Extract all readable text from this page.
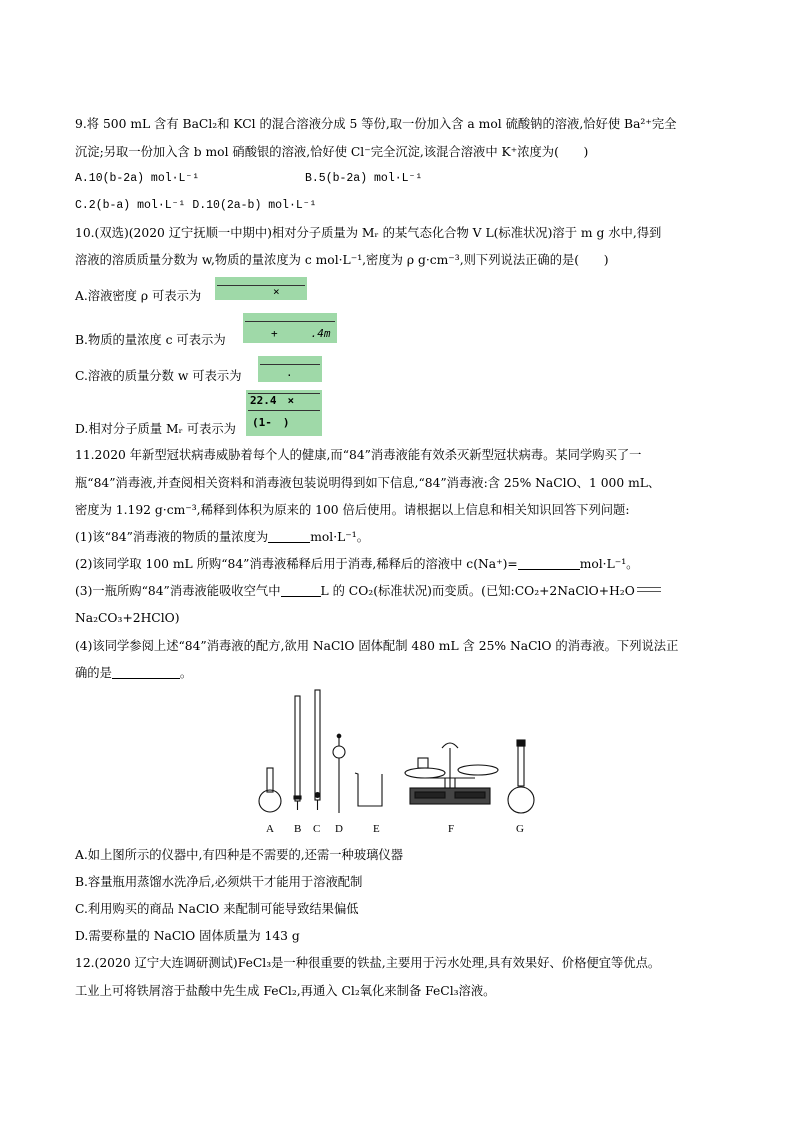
9.将 500 mL 含有 BaCl₂和 KCl 的混合溶液分成 5 等份,取一份加入含 a mol 硫酸钠的溶液,恰好使 Ba²⁺完全
沉淀;另取一份加入含 b mol 硝酸银的溶液,恰好使 Cl⁻完全沉淀,该混合溶液中 K⁺浓度为(　　)
A.10(b-2a) mol·L⁻¹	B.5(b-2a) mol·L⁻¹
C.2(b-a) mol·L⁻¹ D.10(2a-b) mol·L⁻¹
10.(双选)(2020 辽宁抚顺一中期中)相对分子质量为 Mᵣ 的某气态化合物 V L(标准状况)溶于 m g 水中,得到
溶液的溶质质量分数为 w,物质的量浓度为 c mol·L⁻¹,密度为 ρ g·cm⁻³,则下列说法正确的是(　　)
A.溶液密度 ρ 可表示为	×
B.物质的量浓度 c 可表示为	+　　　.4m
C.溶液的质量分数 w 可表示为	.
D.相对分子质量 Mᵣ 可表示为
22.4　×
(1-　)
11.2020 年新型冠状病毒威胁着每个人的健康,而“84”消毒液能有效杀灭新型冠状病毒。某同学购买了一
瓶“84”消毒液,并查阅相关资料和消毒液包装说明得到如下信息,“84”消毒液:含 25% NaClO、1 000 mL、
密度为 1.192 g·cm⁻³,稀释到体积为原来的 100 倍后使用。请根据以上信息和相关知识回答下列问题:
(1)该“84”消毒液的物质的量浓度为	mol·L⁻¹。
(2)该同学取 100 mL 所购“84”消毒液稀释后用于消毒,稀释后的溶液中 c(Na⁺)=	mol·L⁻¹。
(3)一瓶所购“84”消毒液能吸收空气中	L 的 CO₂(标准状况)而变质。(已知:CO₂+2NaClO+H₂O
Na₂CO₃+2HClO)
(4)该同学参阅上述“84”消毒液的配方,欲用 NaClO 固体配制 480 mL 含 25% NaClO 的消毒液。下列说法正
确的是	。
A B C D	E	F	G
A.如上图所示的仪器中,有四种是不需要的,还需一种玻璃仪器
B.容量瓶用蒸馏水洗净后,必须烘干才能用于溶液配制
C.利用购买的商品 NaClO 来配制可能导致结果偏低
D.需要称量的 NaClO 固体质量为 143 g
12.(2020 辽宁大连调研测试)FeCl₃是一种很重要的铁盐,主要用于污水处理,具有效果好、价格便宜等优点。
工业上可将铁屑溶于盐酸中先生成 FeCl₂,再通入 Cl₂氧化来制备 FeCl₃溶液。
